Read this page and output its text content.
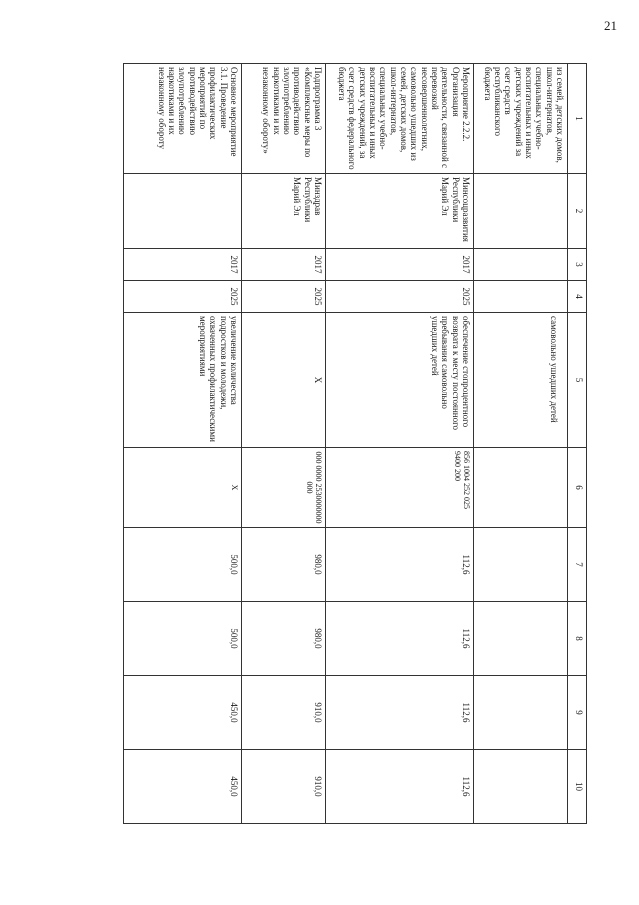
21
1	2	3	4	5	6	7	8	9	10
из семей, детских домов, школ-интернатов, специальных учебно-воспитательных и иных детских учреждений за счет средств республиканского бюджета				самовольно ушедших детей					
Мероприятие 2.2.2. Организация деятельности, связанной с перевозкой несовершеннолетних, самовольно ушедших из семей, детских домов, школ-интернатов, специальных учебно-воспитательных и иных детских учреждений, за счет средств федерального бюджета	Минсоцразвития Республики Марий Эл	2017	2025	обеспечение стопроцентного возврата к месту постоянного пребывания самовольно ушедших детей	856 1004 252 025 9400 200	112,6	112,6	112,6	112,6
Подпрограмма 3 «Комплексные меры по противодействию злоупотреблению наркотиками и их незаконному обороту»	Минздрав Республики Марий Эл	2017	2025	X	000 0000 2530000000 000	980,0	980,0	910,0	910,0
Основное мероприятие 3.1. Проведение профилактических мероприятий по противодействию злоупотреблению наркотиками и их незаконному обороту		2017	2025	увеличение количества подростков и молодежи, охваченных профилактическими мероприятиями	X	500,0	500,0	450,0	450,0
